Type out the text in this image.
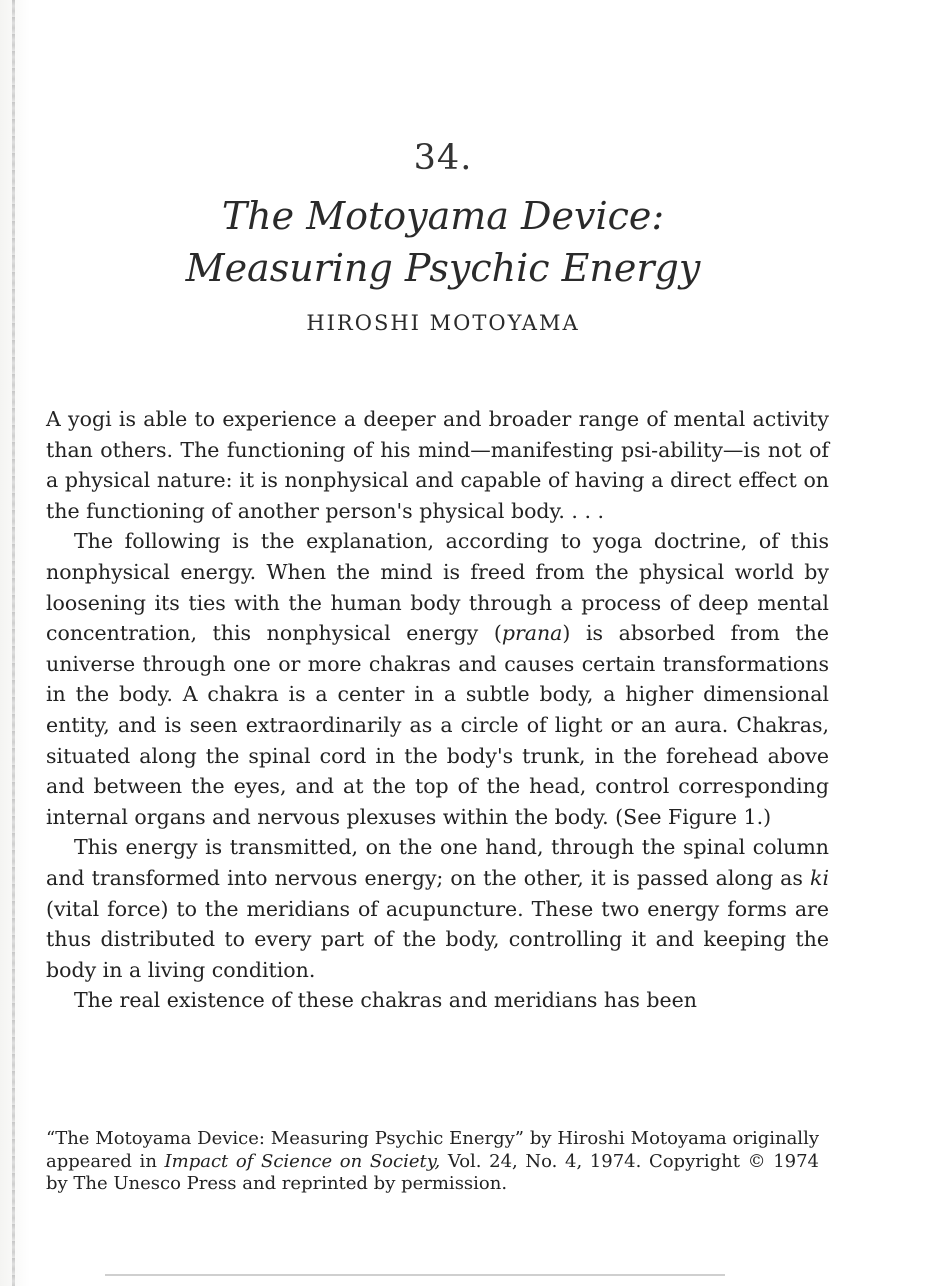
34.
The Motoyama Device:
Measuring Psychic Energy
HIROSHI MOTOYAMA

A yogi is able to experience a deeper and broader range of mental activity than others. The functioning of his mind—manifesting psi-ability—is not of a physical nature: it is nonphysical and capable of having a direct effect on the functioning of another person's physical body. . . .

The following is the explanation, according to yoga doctrine, of this nonphysical energy. When the mind is freed from the physical world by loosening its ties with the human body through a process of deep mental concentration, this nonphysical energy (prana) is absorbed from the universe through one or more chakras and causes certain transformations in the body. A chakra is a center in a subtle body, a higher dimensional entity, and is seen extraordinarily as a circle of light or an aura. Chakras, situated along the spinal cord in the body's trunk, in the forehead above and between the eyes, and at the top of the head, control corresponding internal organs and nervous plexuses within the body. (See Figure 1.)

This energy is transmitted, on the one hand, through the spinal column and transformed into nervous energy; on the other, it is passed along as ki (vital force) to the meridians of acupuncture. These two energy forms are thus distributed to every part of the body, controlling it and keeping the body in a living condition.

The real existence of these chakras and meridians has been

“The Motoyama Device: Measuring Psychic Energy” by Hiroshi Motoyama originally appeared in Impact of Science on Society, Vol. 24, No. 4, 1974. Copyright © 1974 by The Unesco Press and reprinted by permission.
